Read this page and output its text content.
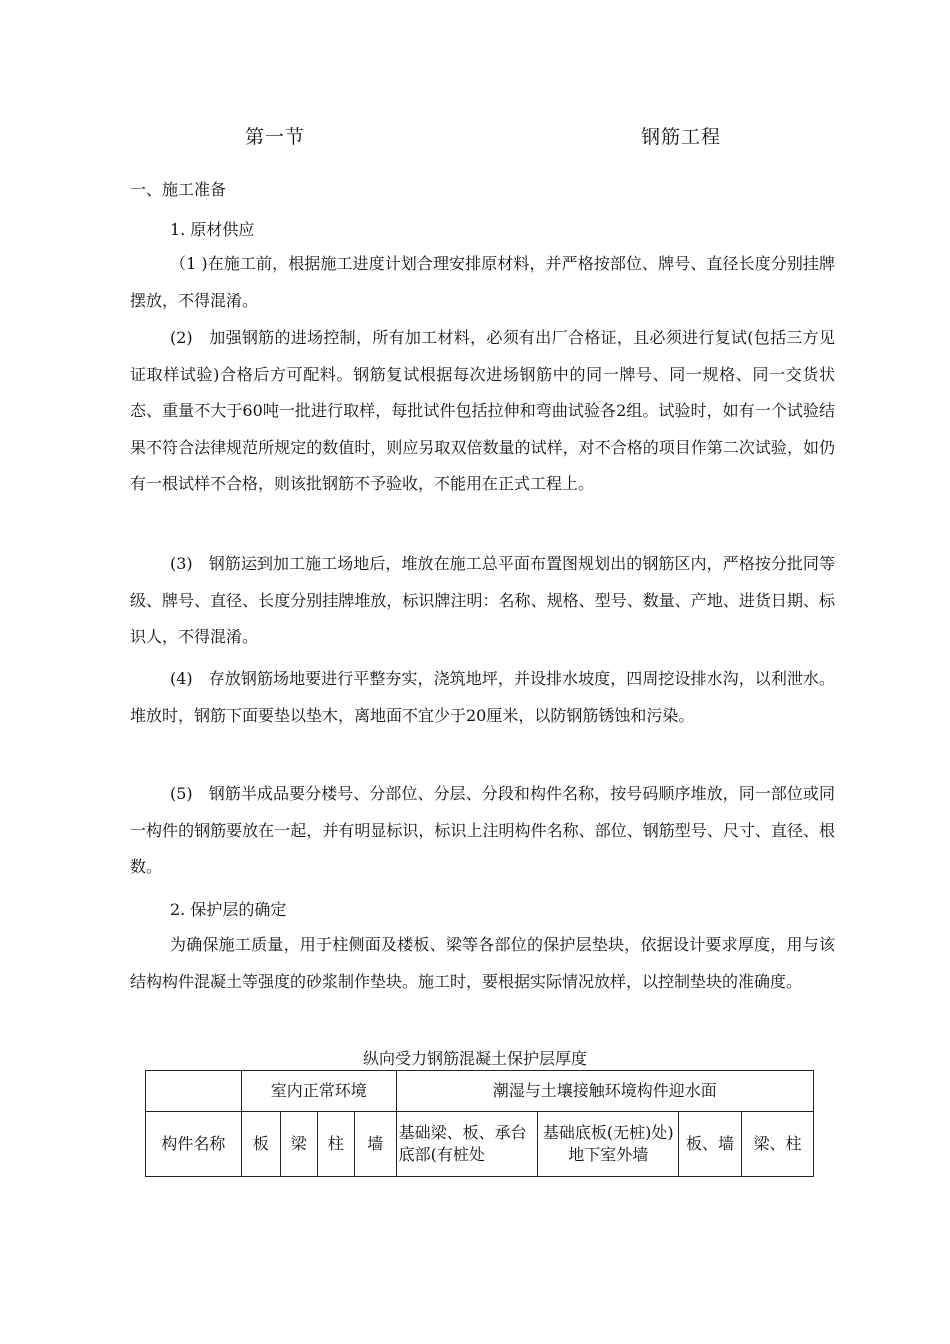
第一节	钢筋工程
一、施工准备
1. 原材供应

（1 )在施工前，根据施工进度计划合理安排原材料，并严格按部位、牌号、直径长度分别挂牌摆放，不得混淆。

(2)　加强钢筋的进场控制，所有加工材料，必须有出厂合格证，且必须进行复试(包括三方见证取样试验)合格后方可配料。钢筋复试根据每次进场钢筋中的同一牌号、同一规格、同一交货状态、重量不大于60吨一批进行取样，每批试件包括拉伸和弯曲试验各2组。试验时，如有一个试验结果不符合法律规范所规定的数值时，则应另取双倍数量的试样，对不合格的项目作第二次试验，如仍有一根试样不合格，则该批钢筋不予验收，不能用在正式工程上。

(3)　钢筋运到加工施工场地后，堆放在施工总平面布置图规划出的钢筋区内，严格按分批同等级、牌号、直径、长度分别挂牌堆放，标识牌注明：名称、规格、型号、数量、产地、进货日期、标识人，不得混淆。

(4)　存放钢筋场地要进行平整夯实，浇筑地坪，并设排水坡度，四周挖设排水沟，以利泄水。堆放时，钢筋下面要垫以垫木，离地面不宜少于20厘米，以防钢筋锈蚀和污染。

(5)　钢筋半成品要分楼号、分部位、分层、分段和构件名称，按号码顺序堆放，同一部位或同一构件的钢筋要放在一起，并有明显标识，标识上注明构件名称、部位、钢筋型号、尺寸、直径、根数。

2. 保护层的确定

为确保施工质量，用于柱侧面及楼板、梁等各部位的保护层垫块，依据设计要求厚度，用与该结构构件混凝土等强度的砂浆制作垫块。施工时，要根据实际情况放样，以控制垫块的准确度。

纵向受力钢筋混凝土保护层厚度
	室内正常环境				潮湿与土壤接触环境构件迎水面			
构件名称	板	梁	柱	墙	基础梁、板、承台底部(有桩处	基础底板(无桩)处)地下室外墙	板、墙	梁、柱
